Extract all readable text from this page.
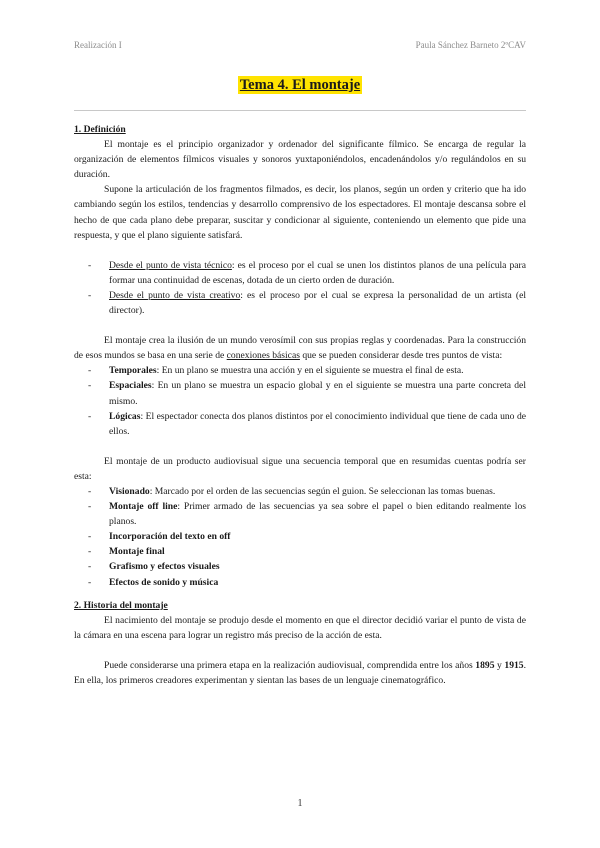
Realización I	Paula Sánchez Barneto 2ºCAV
Tema 4. El montaje
1. Definición

El montaje es el principio organizador y ordenador del significante fílmico. Se encarga de regular la organización de elementos fílmicos visuales y sonoros yuxtaponiéndolos, encadenándolos y/o regulándolos en su duración.

Supone la articulación de los fragmentos filmados, es decir, los planos, según un orden y criterio que ha ido cambiando según los estilos, tendencias y desarrollo comprensivo de los espectadores. El montaje descansa sobre el hecho de que cada plano debe preparar, suscitar y condicionar al siguiente, conteniendo un elemento que pide una respuesta, y que el plano siguiente satisfará.

- Desde el punto de vista técnico: es el proceso por el cual se unen los distintos planos de una película para formar una continuidad de escenas, dotada de un cierto orden de duración.
- Desde el punto de vista creativo: es el proceso por el cual se expresa la personalidad de un artista (el director).

El montaje crea la ilusión de un mundo verosímil con sus propias reglas y coordenadas. Para la construcción de esos mundos se basa en una serie de conexiones básicas que se pueden considerar desde tres puntos de vista:

- Temporales: En un plano se muestra una acción y en el siguiente se muestra el final de esta.
- Espaciales: En un plano se muestra un espacio global y en el siguiente se muestra una parte concreta del mismo.
- Lógicas: El espectador conecta dos planos distintos por el conocimiento individual que tiene de cada uno de ellos.

El montaje de un producto audiovisual sigue una secuencia temporal que en resumidas cuentas podría ser esta:

- Visionado: Marcado por el orden de las secuencias según el guion. Se seleccionan las tomas buenas.
- Montaje off line: Primer armado de las secuencias ya sea sobre el papel o bien editando realmente los planos.
- Incorporación del texto en off
- Montaje final
- Grafismo y efectos visuales
- Efectos de sonido y música
2. Historia del montaje

El nacimiento del montaje se produjo desde el momento en que el director decidió variar el punto de vista de la cámara en una escena para lograr un registro más preciso de la acción de esta.

Puede considerarse una primera etapa en la realización audiovisual, comprendida entre los años 1895 y 1915. En ella, los primeros creadores experimentan y sientan las bases de un lenguaje cinematográfico.

1
